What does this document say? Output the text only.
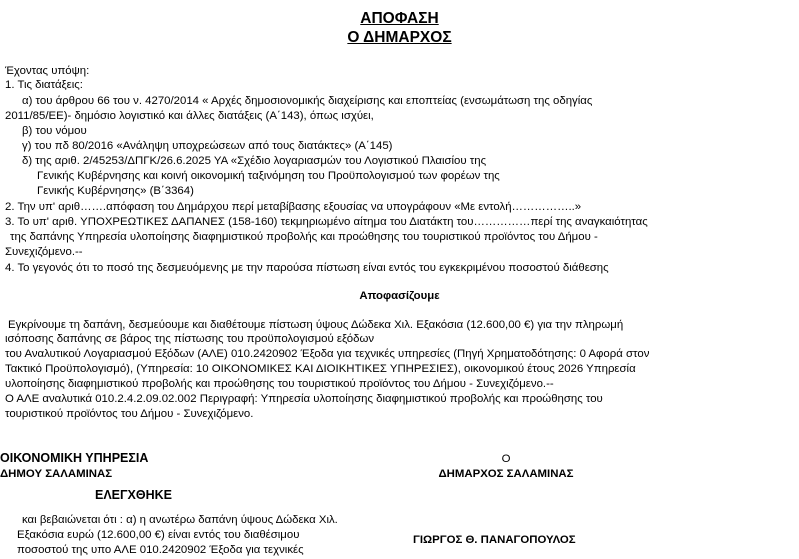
ΑΠΟΦΑΣΗ
Ο ΔΗΜΑΡΧΟΣ
Έχοντας υπόψη:
1. Τις διατάξεις:
α) του άρθρου 66 του ν. 4270/2014 « Αρχές δημοσιονομικής διαχείρισης και εποπτείας (ενσωμάτωση της οδηγίας
2011/85/ΕΕ)- δημόσιο λογιστικό και άλλες διατάξεις (Α΄143), όπως ισχύει,
β) του νόμου
γ) του πδ 80/2016 «Ανάληψη υποχρεώσεων από τους διατάκτες» (Α΄145)
δ) της αριθ. 2/45253/ΔΠΓΚ/26.6.2025 ΥΑ «Σχέδιο λογαριασμών του Λογιστικού Πλαισίου της
Γενικής Κυβέρνησης και κοινή οικονομική ταξινόμηση του Προϋπολογισμού των φορέων της
Γενικής Κυβέρνησης» (Β΄3364)
2. Την υπ' αριθ…….απόφαση του Δημάρχου περί μεταβίβασης εξουσίας να υπογράφουν «Με εντολή……………..»
3. Το υπ' αριθ. ΥΠΟΧΡΕΩΤΙΚΕΣ ΔΑΠΑΝΕΣ (158-160) τεκμηριωμένο αίτημα του Διατάκτη του……………περί της αναγκαιότητας
της δαπάνης Υπηρεσία υλοποίησης διαφημιστικού προβολής και προώθησης του τουριστικού προϊόντος του Δήμου -
Συνεχιζόμενο.--
4. Το γεγονός ότι το ποσό της δεσμευόμενης με την παρούσα πίστωση είναι εντός του εγκεκριμένου ποσοστού διάθεσης
Αποφασίζουμε
Εγκρίνουμε τη δαπάνη, δεσμεύουμε και διαθέτουμε πίστωση ύψους Δώδεκα Χιλ. Εξακόσια (12.600,00 €) για την πληρωμή
ισόποσης δαπάνης σε βάρος της πίστωσης του προϋπολογισμού εξόδων
του Αναλυτικού Λογαριασμού Εξόδων (ΑΛΕ) 010.2420902 Έξοδα για τεχνικές υπηρεσίες (Πηγή Χρηματοδότησης: 0 Αφορά στον
Τακτικό Προϋπολογισμό), (Υπηρεσία: 10 ΟΙΚΟΝΟΜΙΚΕΣ ΚΑΙ ΔΙΟΙΚΗΤΙΚΕΣ ΥΠΗΡΕΣΙΕΣ), οικονομικού έτους 2026 Υπηρεσία
υλοποίησης διαφημιστικού προβολής και προώθησης του τουριστικού προϊόντος του Δήμου - Συνεχιζόμενο.--
Ο ΑΛΕ αναλυτικά 010.2.4.2.09.02.002 Περιγραφή: Υπηρεσία υλοποίησης διαφημιστικού προβολής και προώθησης του
τουριστικού προϊόντος του Δήμου - Συνεχιζόμενο.
ΟΙΚΟΝΟΜΙΚΗ ΥΠΗΡΕΣΙΑ
ΔΗΜΟΥ ΣΑΛΑΜΙΝΑΣ
ΕΛΕΓΧΘΗΚΕ
και βεβαιώνεται ότι : α) η ανωτέρω δαπάνη ύψους Δώδεκα Χιλ.
Εξακόσια ευρώ (12.600,00 €) είναι εντός του διαθέσιμου
ποσοστού της υπο ΑΛΕ 010.2420902 Έξοδα για τεχνικές
Ο
ΔΗΜΑΡΧΟΣ ΣΑΛΑΜΙΝΑΣ
ΓΙΩΡΓΟΣ Θ. ΠΑΝΑΓΟΠΟΥΛΟΣ
